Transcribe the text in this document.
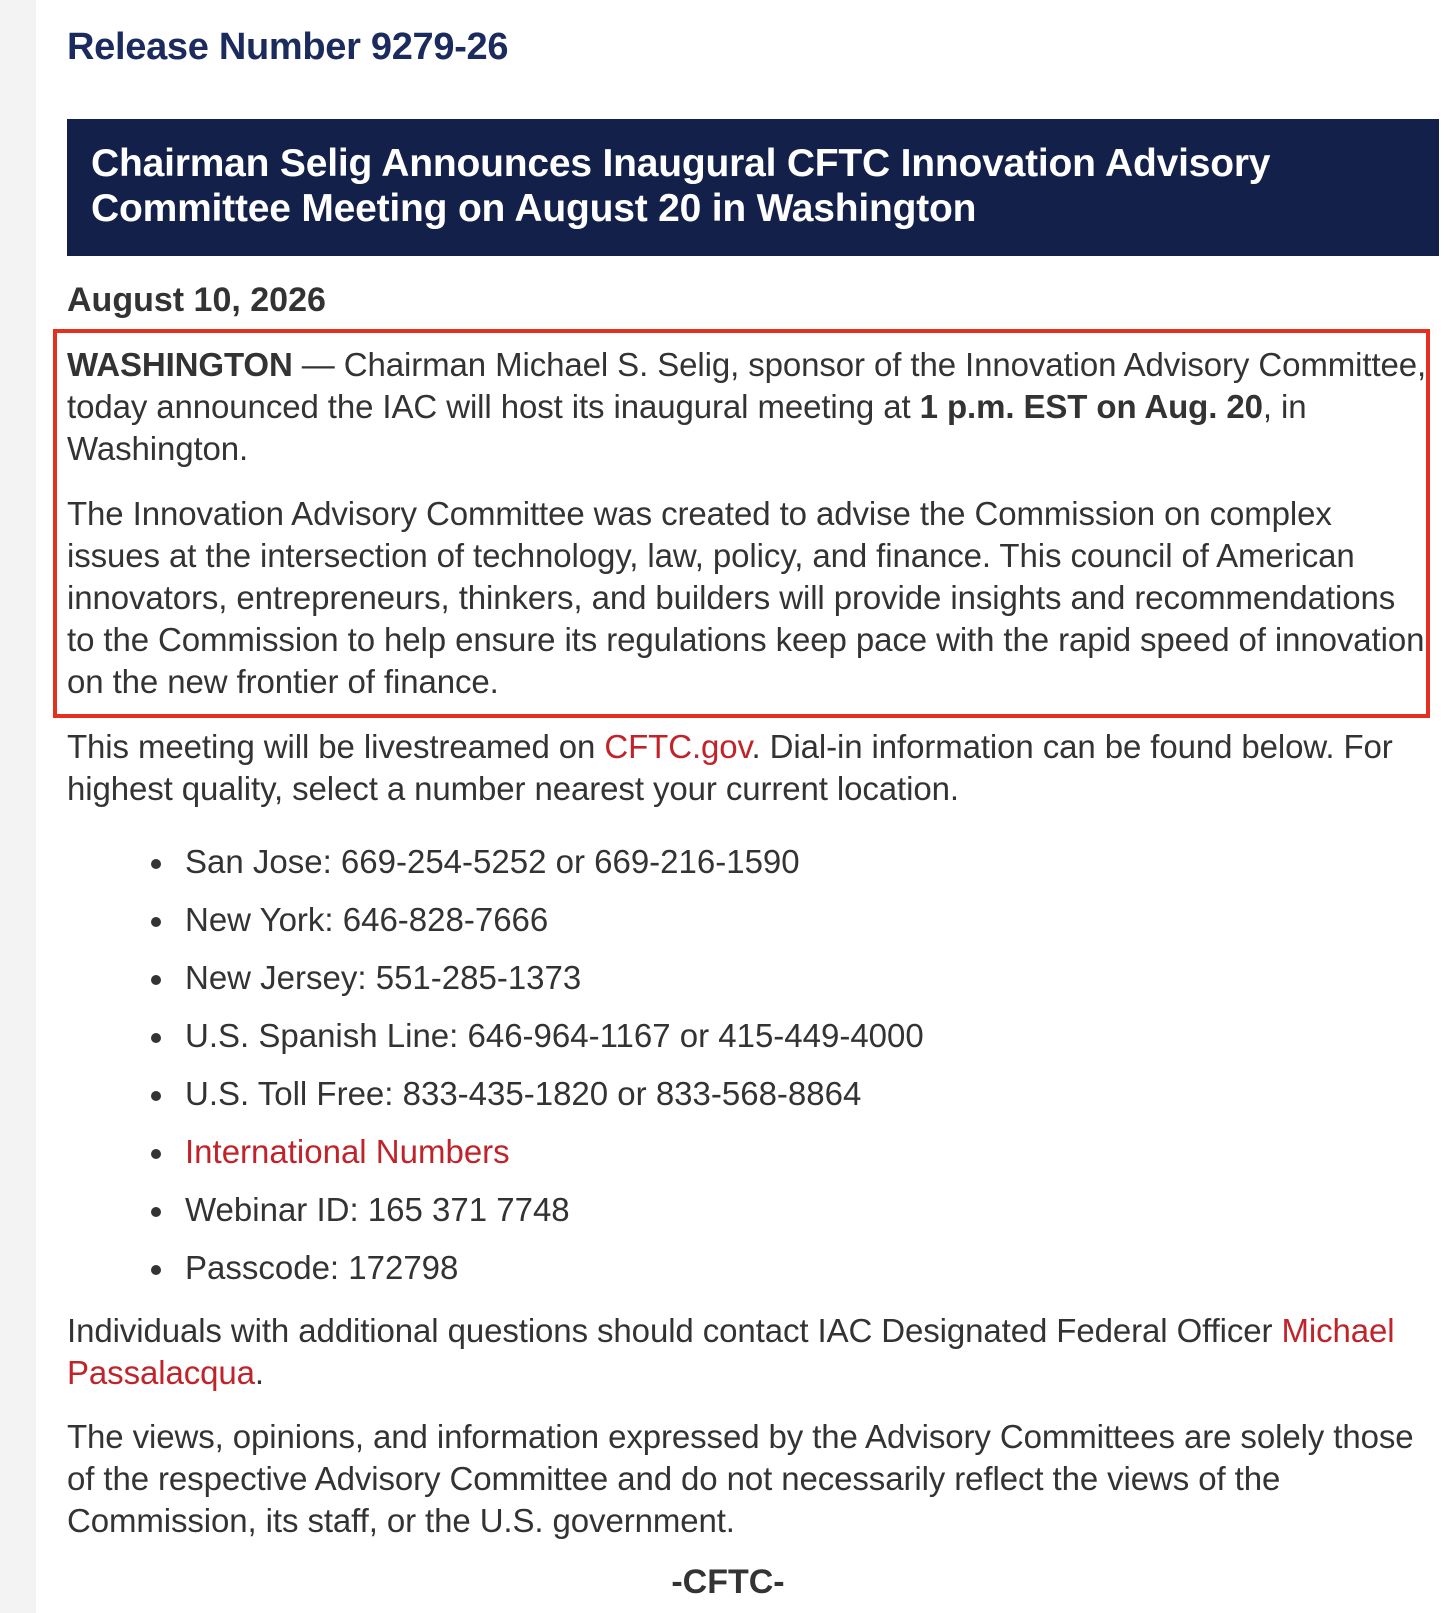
Release Number 9279-26
Chairman Selig Announces Inaugural CFTC Innovation Advisory Committee Meeting on August 20 in Washington
August 10, 2026

WASHINGTON — Chairman Michael S. Selig, sponsor of the Innovation Advisory Committee, today announced the IAC will host its inaugural meeting at 1 p.m. EST on Aug. 20, in Washington.

The Innovation Advisory Committee was created to advise the Commission on complex issues at the intersection of technology, law, policy, and finance. This council of American innovators, entrepreneurs, thinkers, and builders will provide insights and recommendations to the Commission to help ensure its regulations keep pace with the rapid speed of innovation on the new frontier of finance.

This meeting will be livestreamed on CFTC.gov. Dial-in information can be found below. For highest quality, select a number nearest your current location.

San Jose: 669-254-5252 or 669-216-1590
New York: 646-828-7666
New Jersey: 551-285-1373
U.S. Spanish Line: 646-964-1167 or 415-449-4000
U.S. Toll Free: 833-435-1820 or 833-568-8864
International Numbers
Webinar ID: 165 371 7748
Passcode: 172798

Individuals with additional questions should contact IAC Designated Federal Officer Michael Passalacqua.

The views, opinions, and information expressed by the Advisory Committees are solely those of the respective Advisory Committee and do not necessarily reflect the views of the Commission, its staff, or the U.S. government.

-CFTC-
